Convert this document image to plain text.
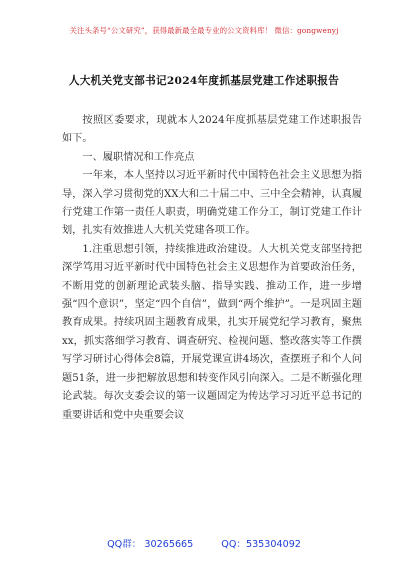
关注头条号“公文研究”，获得最新最全最专业的公文资料库！ 微信：gongwenyj
人大机关党支部书记2024年度抓基层党建工作述职报告

按照区委要求，现就本人2024年度抓基层党建工作述职报告如下。

一、履职情况和工作亮点

一年来，本人坚持以习近平新时代中国特色社会主义思想为指导，深入学习贯彻党的XX大和二十届二中、三中全会精神，认真履行党建工作第一责任人职责，明确党建工作分工，制订党建工作计划，扎实有效推进人大机关党建各项工作。

1.注重思想引领，持续推进政治建设。人大机关党支部坚持把深学笃用习近平新时代中国特色社会主义思想作为首要政治任务，不断用党的创新理论武装头脑、指导实践、推动工作，进一步增强“四个意识”，坚定“四个自信”，做到“两个维护”。一是巩固主题教育成果。持续巩固主题教育成果，扎实开展党纪学习教育，聚焦xx，抓实落细学习教育、调查研究、检视问题、整改落实等工作撰写学习研讨心得体会8篇，开展党课宣讲4场次，查摆班子和个人问题51条，进一步把解放思想和转变作风引向深入。二是不断强化理论武装。每次支委会议的第一议题固定为传达学习习近平总书记的重要讲话和党中央重要会议

QQ群： 30265665	QQ：535304092
